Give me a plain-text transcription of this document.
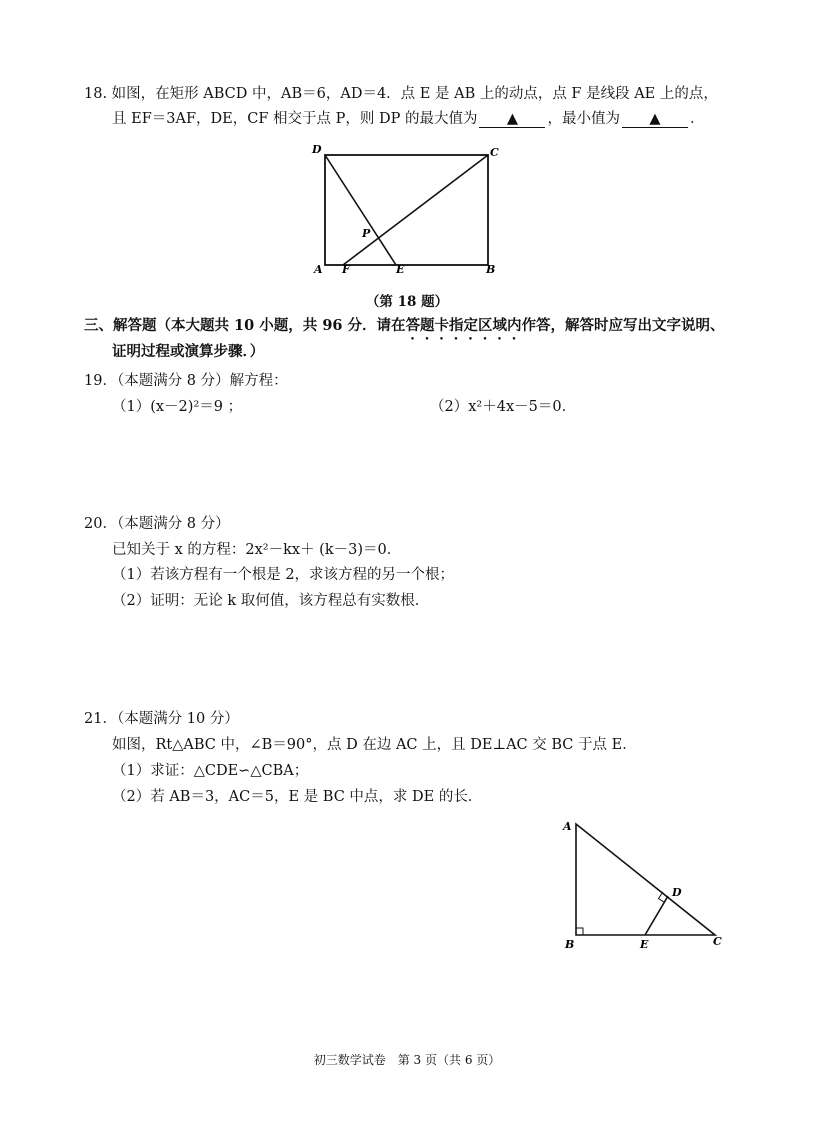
18. 如图，在矩形 ABCD 中，AB＝6，AD＝4．点 E 是 AB 上的动点，点 F 是线段 AE 上的点，
且 EF＝3AF，DE，CF 相交于点 P，则 DP 的最大值为 ▲ ，最小值为 ▲ ．
D	C
A F	E	B
P
（第 18 题）
三、解答题（本大题共 10 小题，共 96 分．请在答题卡指定区域内作答，解答时应写出文字说明、
证明过程或演算步骤．）
19．（本题满分 8 分）解方程：
（1）(x－2)²＝9 ；	（2）x²＋4x－5＝0．
20．（本题满分 8 分）
已知关于 x 的方程：2x²－kx＋ (k－3)＝0．
（1）若该方程有一个根是 2，求该方程的另一个根；
（2）证明：无论 k 取何值，该方程总有实数根．
21．（本题满分 10 分）
如图，Rt△ABC 中，∠B＝90°，点 D 在边 AC 上，且 DE⊥AC 交 BC 于点 E．
（1）求证：△CDE∽△CBA；
（2）若 AB＝3，AC＝5，E 是 BC 中点，求 DE 的长．
A
D
B	E	C
初三数学试卷　第 3 页（共 6 页）
